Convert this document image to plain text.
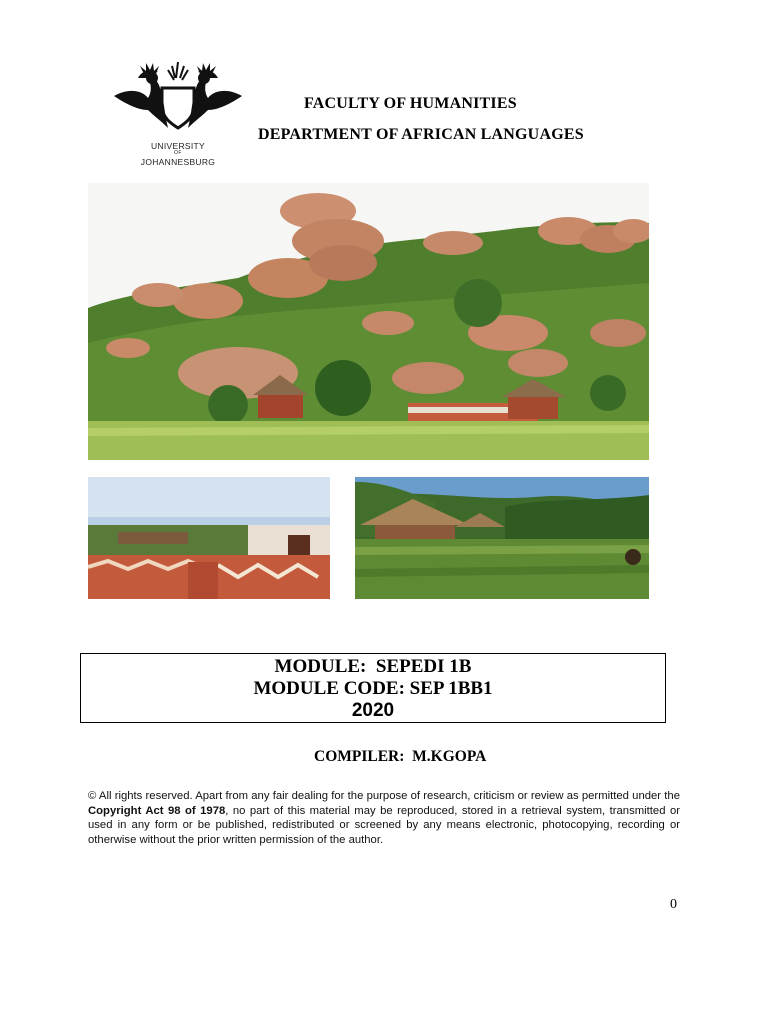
UNIVERSITY
OF
JOHANNESBURG
FACULTY OF HUMANITIES
DEPARTMENT OF AFRICAN LANGUAGES
MODULE:  SEPEDI 1B
MODULE CODE: SEP 1BB1
2020
COMPILER:  M.KGOPA
© All rights reserved. Apart from any fair dealing for the purpose of research, criticism or review as permitted under the Copyright Act 98 of 1978, no part of this material may be reproduced, stored in a retrieval system, transmitted or used in any form or be published, redistributed or screened by any means electronic, photocopying, recording or otherwise without the prior written permission of the author.
0
